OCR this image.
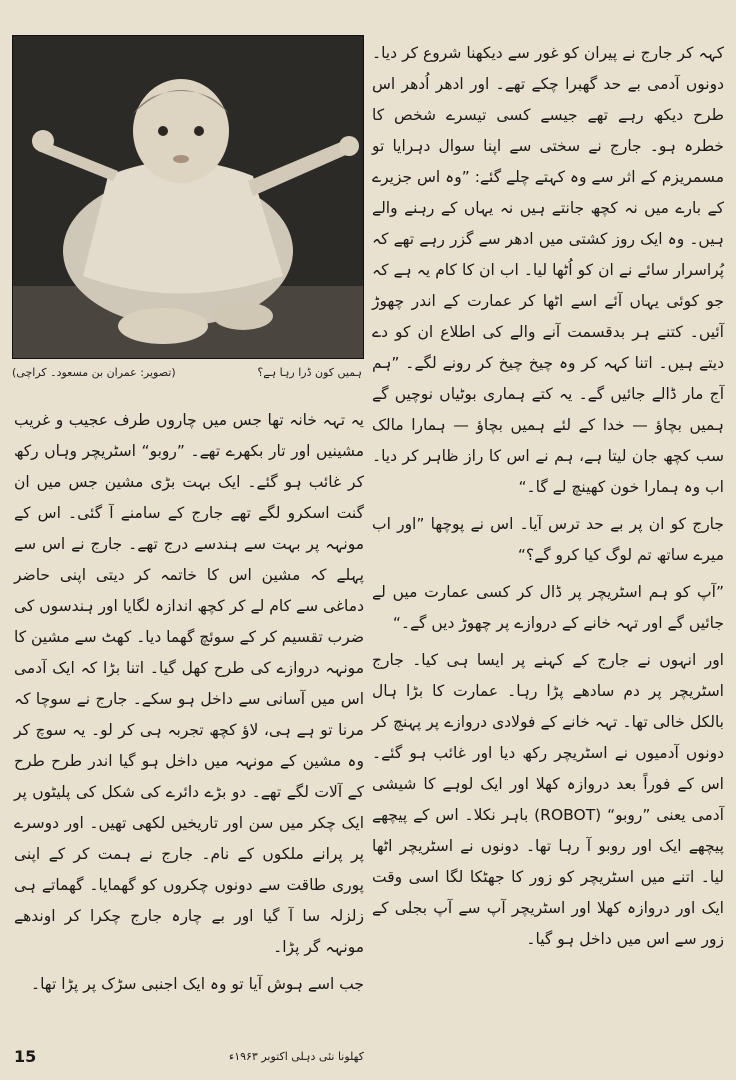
ہمیں کون ڈرا رہا ہے؟
(تصویر: عمران بن مسعود۔ کراچی)

کہہ کر جارج نے پیران کو غور سے دیکھنا شروع کر دیا۔ دونوں آدمی بے حد گھبرا چکے تھے۔ اور ادھر اُدھر اس طرح دیکھ رہے تھے جیسے کسی تیسرے شخص کا خطرہ ہو۔ جارج نے سختی سے اپنا سوال دہرایا تو مسمریزم کے اثر سے وہ کہتے چلے گئے: ”وہ اس جزیرے کے بارے میں نہ کچھ جانتے ہیں نہ یہاں کے رہنے والے ہیں۔ وہ ایک روز کشتی میں ادھر سے گزر رہے تھے کہ پُراسرار سائے نے ان کو اُٹھا لیا۔ اب ان کا کام یہ ہے کہ جو کوئی یہاں آئے اسے اٹھا کر عمارت کے اندر چھوڑ آئیں۔ کتنے ہر بدقسمت آنے والے کی اطلاع ان کو دے دیتے ہیں۔ اتنا کہہ کر وہ چیخ چیخ کر رونے لگے۔ ”ہم آج مار ڈالے جائیں گے۔ یہ کتے ہماری بوٹیاں نوچیں گے ہمیں بچاؤ — خدا کے لئے ہمیں بچاؤ — ہمارا مالک سب کچھ جان لیتا ہے، ہم نے اس کا راز ظاہر کر دیا۔ اب وہ ہمارا خون کھینچ لے گا۔“

جارج کو ان پر بے حد ترس آیا۔ اس نے پوچھا ”اور اب میرے ساتھ تم لوگ کیا کرو گے؟“

”آپ کو ہم اسٹریچر پر ڈال کر کسی عمارت میں لے جائیں گے اور تہہ خانے کے دروازے پر چھوڑ دیں گے۔“

اور انہوں نے جارج کے کہنے پر ایسا ہی کیا۔ جارج اسٹریچر پر دم سادھے پڑا رہا۔ عمارت کا بڑا ہال بالکل خالی تھا۔ تہہ خانے کے فولادی دروازے پر پہنچ کر دونوں آدمیوں نے اسٹریچر رکھ دیا اور غائب ہو گئے۔ اس کے فوراً بعد دروازہ کھلا اور ایک لوہے کا شیشی آدمی یعنی ”روبو“ (ROBOT) باہر نکلا۔ اس کے پیچھے پیچھے ایک اور روبو آ رہا تھا۔ دونوں نے اسٹریچر اٹھا لیا۔ اتنے میں اسٹریچر کو زور کا جھٹکا لگا اسی وقت ایک اور دروازہ کھلا اور اسٹریچر آپ سے آپ بجلی کے زور سے اس میں داخل ہو گیا۔

یہ تہہ خانہ تھا جس میں چاروں طرف عجیب و غریب مشینیں اور تار بکھرے تھے۔ ”روبو“ اسٹریچر وہاں رکھ کر غائب ہو گئے۔ ایک بہت بڑی مشین جس میں ان گنت اسکرو لگے تھے جارج کے سامنے آ گئی۔ اس کے مونہہ پر بہت سے ہندسے درج تھے۔ جارج نے اس سے پہلے کہ مشین اس کا خاتمہ کر دیتی اپنی حاضر دماغی سے کام لے کر کچھ اندازہ لگایا اور ہندسوں کی ضرب تقسیم کر کے سوئچ گھما دیا۔ کھٹ سے مشین کا مونہہ دروازے کی طرح کھل گیا۔ اتنا بڑا کہ ایک آدمی اس میں آسانی سے داخل ہو سکے۔ جارج نے سوچا کہ مرنا تو ہے ہی، لاؤ کچھ تجربہ ہی کر لو۔ یہ سوچ کر وہ مشین کے مونہہ میں داخل ہو گیا اندر طرح طرح کے آلات لگے تھے۔ دو بڑے دائرے کی شکل کی پلیٹوں پر ایک چکر میں سن اور تاریخیں لکھی تھیں۔ اور دوسرے پر پرانے ملکوں کے نام۔ جارج نے ہمت کر کے اپنی پوری طاقت سے دونوں چکروں کو گھمایا۔ گھماتے ہی زلزلہ سا آ گیا اور بے چارہ جارج چکرا کر اوندھے مونہہ گر پڑا۔

جب اسے ہوش آیا تو وہ ایک اجنبی سڑک پر پڑا تھا۔

15	کھلونا نئی دہلی اکتوبر ۱۹۶۳ء
